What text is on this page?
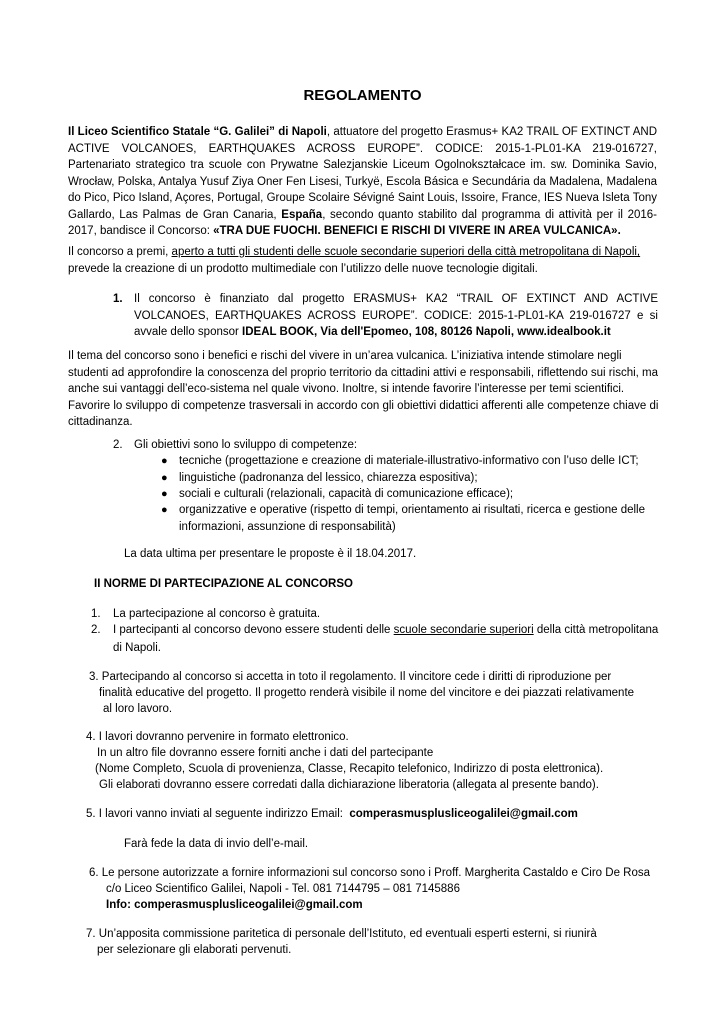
REGOLAMENTO
Il Liceo Scientifico Statale “G. Galilei” di Napoli, attuatore del progetto Erasmus+ KA2 TRAIL OF EXTINCT AND ACTIVE VOLCANOES, EARTHQUAKES ACROSS EUROPE”. CODICE: 2015-1-PL01-KA 219-016727, Partenariato strategico tra scuole con Prywatne Salezjanskie Liceum Ogolnokształcace im. sw. Dominika Savio, Wrocław, Polska, Antalya Yusuf Ziya Oner Fen Lisesi, Turkyë, Escola Básica e Secundária da Madalena, Madalena do Pico, Pico Island, Açores, Portugal, Groupe Scolaire Sévigné Saint Louis, Issoire, France, IES Nueva Isleta Tony Gallardo, Las Palmas de Gran Canaria, España, secondo quanto stabilito dal programma di attività per il 2016-2017, bandisce il Concorso: «TRA DUE FUOCHI. BENEFICI E RISCHI DI VIVERE IN AREA VULCANICA».
Il concorso a premi, aperto a tutti gli studenti delle scuole secondarie superiori della città metropolitana di Napoli, prevede la creazione di un prodotto multimediale con l’utilizzo delle nuove tecnologie digitali.
1. Il concorso è finanziato dal progetto ERASMUS+ KA2 “TRAIL OF EXTINCT AND ACTIVE VOLCANOES, EARTHQUAKES ACROSS EUROPE”. CODICE: 2015-1-PL01-KA 219-016727 e si avvale dello sponsor IDEAL BOOK, Via dell'Epomeo, 108, 80126 Napoli, www.idealbook.it
Il tema del concorso sono i benefici e rischi del vivere in un’area vulcanica. L’iniziativa intende stimolare negli studenti ad approfondire la conoscenza del proprio territorio da cittadini attivi e responsabili, riflettendo sui rischi, ma anche sui vantaggi dell’eco-sistema nel quale vivono. Inoltre, si intende favorire l’interesse per temi scientifici. Favorire lo sviluppo di competenze trasversali in accordo con gli obiettivi didattici afferenti alle competenze chiave di cittadinanza.
2. Gli obiettivi sono lo sviluppo di competenze:
● tecniche (progettazione e creazione di materiale-illustrativo-informativo con l’uso delle ICT;
● linguistiche (padronanza del lessico, chiarezza espositiva);
● sociali e culturali (relazionali, capacità di comunicazione efficace);
● organizzative e operative (rispetto di tempi, orientamento ai risultati, ricerca e gestione delle informazioni, assunzione di responsabilità)
La data ultima per presentare le proposte è il 18.04.2017.
II NORME DI PARTECIPAZIONE AL CONCORSO
1. La partecipazione al concorso è gratuita.
2. I partecipanti al concorso devono essere studenti delle scuole secondarie superiori della città metropolitana
di Napoli.
3. Partecipando al concorso si accetta in toto il regolamento. Il vincitore cede i diritti di riproduzione per
finalità educative del progetto. Il progetto renderà visibile il nome del vincitore e dei piazzati relativamente
al loro lavoro.
4. I lavori dovranno pervenire in formato elettronico.
In un altro file dovranno essere forniti anche i dati del partecipante
(Nome Completo, Scuola di provenienza, Classe, Recapito telefonico, Indirizzo di posta elettronica).
Gli elaborati dovranno essere corredati dalla dichiarazione liberatoria (allegata al presente bando).
5. I lavori vanno inviati al seguente indirizzo Email:  comperasmusplusliceogalilei@gmail.com
Farà fede la data di invio dell’e-mail.
6. Le persone autorizzate a fornire informazioni sul concorso sono i Proff. Margherita Castaldo e Ciro De Rosa
c/o Liceo Scientifico Galilei, Napoli - Tel. 081 7144795 – 081 7145886
Info: comperasmusplusliceogalilei@gmail.com
7. Un’apposita commissione paritetica di personale dell’Istituto, ed eventuali esperti esterni, si riunirà
per selezionare gli elaborati pervenuti.
